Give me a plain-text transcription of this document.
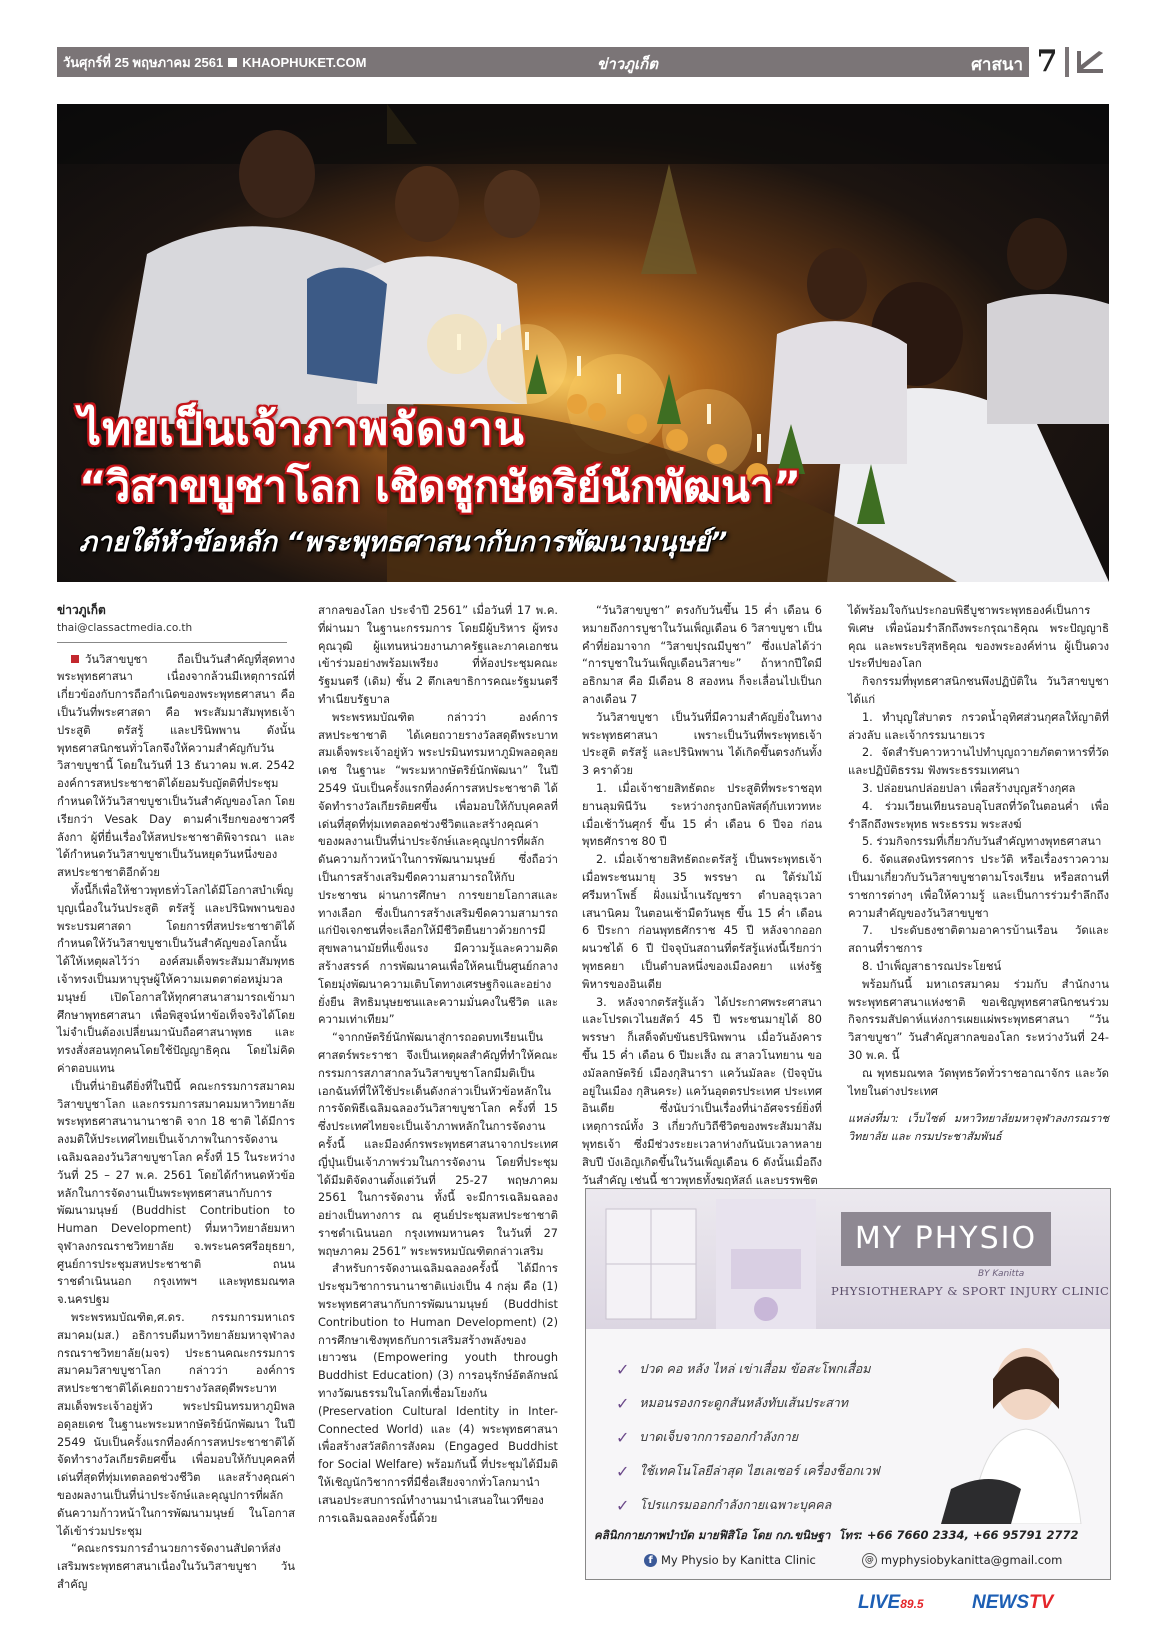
วันศุกร์ที่ 25 พฤษภาคม 2561 KHAOPHUKET.COM	ข่าวภูเก็ต	ศาสนา 7
ไทยเป็นเจ้าภาพจัดงาน
“วิสาขบูชาโลก เชิดชูกษัตริย์นักพัฒนา”
ภายใต้หัวข้อหลัก “พระพุทธศาสนากับการพัฒนามนุษย์”
ข่าวภูเก็ต
thai@classactmedia.co.th

วันวิสาขบูชา ถือเป็นวันสำคัญที่สุดทางพระพุทธศาสนา เนื่องจากล้วนมีเหตุการณ์ที่เกี่ยวข้องกับการถือกำเนิดของพระพุทธศาสนา คือ เป็นวันที่พระศาสดา คือ พระสัมมาสัมพุทธเจ้า ประสูติ ตรัสรู้ และปรินิพพาน ดังนั้นพุทธศาสนิกชนทั่วโลกจึงให้ความสำคัญกับวันวิสาขบูชานี้ โดยในวันที่ 13 ธันวาคม พ.ศ. 2542 องค์การสหประชาชาติได้ยอมรับญัตติที่ประชุม กำหนดให้วันวิสาขบูชาเป็นวันสำคัญของโลก โดยเรียกว่า Vesak Day ตามคำเรียกของชาวศรีลังกา ผู้ที่ยื่นเรื่องให้สหประชาชาติพิจารณา และได้กำหนดวันวิสาขบูชาเป็นวันหยุดวันหนึ่งของสหประชาชาติอีกด้วย

ทั้งนี้ก็เพื่อให้ชาวพุทธทั่วโลกได้มีโอกาสบำเพ็ญบุญเนื่องในวันประสูติ ตรัสรู้ และปรินิพพานของพระบรมศาสดา โดยการที่สหประชาชาติได้กำหนดให้วันวิสาขบูชาเป็นวันสำคัญของโลกนั้น ได้ให้เหตุผลไว้ว่า องค์สมเด็จพระสัมมาสัมพุทธเจ้าทรงเป็นมหาบุรุษผู้ให้ความเมตตาต่อหมู่มวลมนุษย์ เปิดโอกาสให้ทุกศาสนาสามารถเข้ามาศึกษาพุทธศาสนา เพื่อพิสูจน์หาข้อเท็จจริงได้โดยไม่จำเป็นต้องเปลี่ยนมานับถือศาสนาพุทธ และทรงสั่งสอนทุกคนโดยใช้ปัญญาธิคุณ โดยไม่คิดค่าตอบแทน

เป็นที่น่ายินดียิ่งที่ในปีนี้ คณะกรรมการสมาคมวิสาขบูชาโลก และกรรมการสมาคมมหาวิทยาลัยพระพุทธศาสนานานาชาติ จาก 18 ชาติ ได้มีการลงมติให้ประเทศไทยเป็นเจ้าภาพในการจัดงานเฉลิมฉลองวันวิสาขบูชาโลก ครั้งที่ 15 ในระหว่างวันที่ 25 – 27 พ.ค. 2561 โดยได้กำหนดหัวข้อหลักในการจัดงานเป็นพระพุทธศาสนากับการพัฒนามนุษย์ (Buddhist Contribution to Human Development) ที่มหาวิทยาลัยมหาจุฬาลงกรณราชวิทยาลัย จ.พระนครศรีอยุธยา, ศูนย์การประชุมสหประชาชาติ ถนนราชดำเนินนอก กรุงเทพฯ และพุทธมณฑล จ.นครปฐม

พระพรหมบัณฑิต,ศ.ดร. กรรมการมหาเถรสมาคม(มส.) อธิการบดีมหาวิทยาลัยมหาจุฬาลงกรณราชวิทยาลัย(มจร) ประธานคณะกรรมการสมาคมวิสาขบูชาโลก กล่าวว่า องค์การสหประชาชาติได้เคยถวายรางวัลสดุดีพระบาทสมเด็จพระเจ้าอยู่หัว พระปรมินทรมหาภูมิพลอดุลยเดช ในฐานะพระมหากษัตริย์นักพัฒนา ในปี 2549 นับเป็นครั้งแรกที่องค์การสหประชาชาติได้จัดทำรางวัลเกียรติยศขึ้น เพื่อมอบให้กับบุคคลที่เด่นที่สุดที่ทุ่มเทตลอดช่วงชีวิต และสร้างคุณค่าของผลงานเป็นที่น่าประจักษ์และคุณูปการที่ผลักดันความก้าวหน้าในการพัฒนามนุษย์ ในโอกาสได้เข้าร่วมประชุม

“คณะกรรมการอำนวยการจัดงานสัปดาห์ส่งเสริมพระพุทธศาสนาเนื่องในวันวิสาขบูชา วันสำคัญ

สากลของโลก ประจำปี 2561” เมื่อวันที่ 17 พ.ค. ที่ผ่านมา ในฐานะกรรมการ โดยมีผู้บริหาร ผู้ทรงคุณวุฒิ ผู้แทนหน่วยงานภาครัฐและภาคเอกชนเข้าร่วมอย่างพร้อมเพรียง ที่ห้องประชุมคณะรัฐมนตรี (เดิม) ชั้น 2 ตึกเลขาธิการคณะรัฐมนตรี ทำเนียบรัฐบาล

พระพรหมบัณฑิต กล่าวว่า องค์การสหประชาชาติ ได้เคยถวายรางวัลสดุดีพระบาทสมเด็จพระเจ้าอยู่หัว พระปรมินทรมหาภูมิพลอดุลยเดช ในฐานะ “พระมหากษัตริย์นักพัฒนา” ในปี 2549 นับเป็นครั้งแรกที่องค์การสหประชาชาติ ได้จัดทำรางวัลเกียรติยศขึ้น เพื่อมอบให้กับบุคคลที่เด่นที่สุดที่ทุ่มเทตลอดช่วงชีวิตและสร้างคุณค่าของผลงานเป็นที่น่าประจักษ์และคุณูปการที่ผลักดันความก้าวหน้าในการพัฒนามนุษย์ ซึ่งถือว่าเป็นการสร้างเสริมขีดความสามารถให้กับประชาชน ผ่านการศึกษา การขยายโอกาสและทางเลือก ซึ่งเป็นการสร้างเสริมขีดความสามารถแก่ปัจเจกชนที่จะเลือกให้มีชีวิตยืนยาวด้วยการมีสุขพลานามัยที่แข็งแรง มีความรู้และความคิดสร้างสรรค์ การพัฒนาคนเพื่อให้คนเป็นศูนย์กลาง โดยมุ่งพัฒนาความเติบโตทางเศรษฐกิจและอย่างยั่งยืน สิทธิมนุษยชนและความมั่นคงในชีวิต และความเท่าเทียม”

“จากกษัตริย์นักพัฒนาสู่การถอดบทเรียนเป็นศาสตร์พระราชา จึงเป็นเหตุผลสำคัญที่ทำให้คณะกรรมการสภาสากลวันวิสาขบูชาโลกมีมติเป็นเอกฉันท์ที่ให้ใช้ประเด็นดังกล่าวเป็นหัวข้อหลักในการจัดพิธีเฉลิมฉลองวันวิสาขบูชาโลก ครั้งที่ 15 ซึ่งประเทศไทยจะเป็นเจ้าภาพหลักในการจัดงานครั้งนี้ และมีองค์กรพระพุทธศาสนาจากประเทศญี่ปุ่นเป็นเจ้าภาพร่วมในการจัดงาน โดยที่ประชุมได้มีมติจัดงานตั้งแต่วันที่ 25-27 พฤษภาคม 2561 ในการจัดงาน ทั้งนี้ จะมีการเฉลิมฉลองอย่างเป็นทางการ ณ ศูนย์ประชุมสหประชาชาติ ราชดำเนินนอก กรุงเทพมหานคร ในวันที่ 27 พฤษภาคม 2561” พระพรหมบัณฑิตกล่าวเสริม

สำหรับการจัดงานเฉลิมฉลองครั้งนี้ ได้มีการประชุมวิชาการนานาชาติแบ่งเป็น 4 กลุ่ม คือ (1) พระพุทธศาสนากับการพัฒนามนุษย์ (Buddhist Contribution to Human Development) (2) การศึกษาเชิงพุทธกับการเสริมสร้างพลังของเยาวชน (Empowering youth through Buddhist Education) (3) การอนุรักษ์อัตลักษณ์ทางวัฒนธรรมในโลกที่เชื่อมโยงกัน (Preservation Cultural Identity in Inter-Connected World) และ (4) พระพุทธศาสนาเพื่อสร้างสวัสดิการสังคม (Engaged Buddhist for Social Welfare) พร้อมกันนี้ ที่ประชุมได้มีมติให้เชิญนักวิชาการที่มีชื่อเสียงจากทั่วโลกมานำเสนอประสบการณ์ทำงานมานำเสนอในเวทีของการเฉลิมฉลองครั้งนี้ด้วย

“วันวิสาขบูชา” ตรงกับวันขึ้น 15 ค่ำ เดือน 6 หมายถึงการบูชาในวันเพ็ญเดือน 6 วิสาขบูชา เป็นคำที่ย่อมาจาก “วิสาขปุรณมีบูชา” ซึ่งแปลได้ว่า “การบูชาในวันเพ็ญเดือนวิสาขะ” ถ้าหากปีใดมีอธิกมาส คือ มีเดือน 8 สองหน ก็จะเลื่อนไปเป็นกลางเดือน 7

วันวิสาขบูชา เป็นวันที่มีความสำคัญยิ่งในทางพระพุทธศาสนา เพราะเป็นวันที่พระพุทธเจ้าประสูติ ตรัสรู้ และปรินิพพาน ได้เกิดขึ้นตรงกันทั้ง 3 คราด้วย

1. เมื่อเจ้าชายสิทธัตถะ ประสูติที่พระราชอุทยานลุมพินีวัน ระหว่างกรุงกบิลพัสดุ์กับเทวทหะ เมื่อเช้าวันศุกร์ ขึ้น 15 ค่ำ เดือน 6 ปีจอ ก่อนพุทธศักราช 80 ปี

2. เมื่อเจ้าชายสิทธัตถะตรัสรู้ เป็นพระพุทธเจ้า เมื่อพระชนมายุ 35 พรรษา ณ ใต้ร่มไม้ศรีมหาโพธิ์ ฝั่งแม่น้ำเนรัญชรา ตำบลอุรุเวลาเสนานิคม ในตอนเช้ามืดวันพุธ ขึ้น 15 ค่ำ เดือน 6 ปีระกา ก่อนพุทธศักราช 45 ปี หลังจากออกผนวชได้ 6 ปี ปัจจุบันสถานที่ตรัสรู้แห่งนี้เรียกว่า พุทธคยา เป็นตำบลหนึ่งของเมืองคยา แห่งรัฐพิหารของอินเดีย

3. หลังจากตรัสรู้แล้ว ได้ประกาศพระศาสนาและโปรดเวไนยสัตว์ 45 ปี พระชนมายุได้ 80 พรรษา ก็เสด็จดับขันธปรินิพพาน เมื่อวันอังคาร ขึ้น 15 ค่ำ เดือน 6 ปีมะเส็ง ณ สาลวโนทยาน ของมัลลกษัตริย์ เมืองกุสินารา แคว้นมัลละ (ปัจจุบันอยู่ในเมือง กุสินคระ) แคว้นอุตตรประเทศ ประเทศอินเดีย ซึ่งนับว่าเป็นเรื่องที่น่าอัศจรรย์ยิ่งที่เหตุการณ์ทั้ง 3 เกี่ยวกับวิถีชีวิตของพระสัมมาสัมพุทธเจ้า ซึ่งมีช่วงระยะเวลาห่างกันนับเวลาหลายสิบปี บังเอิญเกิดขึ้นในวันเพ็ญเดือน 6 ดังนั้นเมื่อถึงวันสำคัญ เช่นนี้ ชาวพุทธทั้งฆฤหัสถ์ และบรรพชิต

ได้พร้อมใจกันประกอบพิธีบูชาพระพุทธองค์เป็นการพิเศษ เพื่อน้อมรำลึกถึงพระกรุณาธิคุณ พระปัญญาธิคุณ และพระบริสุทธิคุณ ของพระองค์ท่าน ผู้เป็นดวงประทีปของโลก

กิจกรรมที่พุทธศาสนิกชนพึงปฏิบัติใน วันวิสาขบูชา ได้แก่

1. ทำบุญใส่บาตร กรวดน้ำอุทิศส่วนกุศลให้ญาติที่ล่วงลับ และเจ้ากรรมนายเวร

2. จัดสำรับคาวหวานไปทำบุญถวายภัตตาหารที่วัด และปฏิบัติธรรม ฟังพระธรรมเทศนา

3. ปล่อยนกปล่อยปลา เพื่อสร้างบุญสร้างกุศล

4. ร่วมเวียนเทียนรอบอุโบสถที่วัดในตอนค่ำ เพื่อรำลึกถึงพระพุทธ พระธรรม พระสงฆ์

5. ร่วมกิจกรรมที่เกี่ยวกับวันสำคัญทางพุทธศาสนา

6. จัดแสดงนิทรรศการ ประวัติ หรือเรื่องราวความเป็นมาเกี่ยวกับวันวิสาขบูชาตามโรงเรียน หรือสถานที่ราชการต่างๆ เพื่อให้ความรู้ และเป็นการร่วมรำลึกถึงความสำคัญของวันวิสาขบูชา

7. ประดับธงชาติตามอาคารบ้านเรือน วัดและสถานที่ราชการ

8. บำเพ็ญสาธารณประโยชน์

พร้อมกันนี้ มหาเถรสมาคม ร่วมกับ สำนักงานพระพุทธศาสนาแห่งชาติ ขอเชิญพุทธศาสนิกชนร่วมกิจกรรมสัปดาห์แห่งการเผยแผ่พระพุทธศาสนา “วันวิสาขบูชา” วันสำคัญสากลของโลก ระหว่างวันที่ 24-30 พ.ค. นี้

ณ พุทธมณฑล วัดพุทธวัดทั่วราชอาณาจักร และวัดไทยในต่างประเทศ

แหล่งที่มา: เว็บไซต์ มหาวิทยาลัยมหาจุฬาลงกรณราชวิทยาลัย และ กรมประชาสัมพันธ์

MY PHYSIO
BY Kanitta
PHYSIOTHERAPY & SPORT INJURY CLINIC
✓ ปวด คอ หลัง ไหล่ เข่าเสื่อม ข้อสะโพกเสื่อม
✓ หมอนรองกระดูกสันหลังทับเส้นประสาท
✓ บาดเจ็บจากการออกกำลังกาย
✓ ใช้เทคโนโลยีล่าสุด ไฮเลเซอร์ เครื่องช็อกเวฟ
✓ โปรแกรมออกกำลังกายเฉพาะบุคคล
คลินิกกายภาพบำบัด มายฟิสิโอ โดย กภ.ขนิษฐา โทร: +66 7660 2334, +66 95791 2772
f My Physio by Kanitta Clinic	@ myphysiobykanitta@gmail.com
LIVE89.5	NEWSTV
